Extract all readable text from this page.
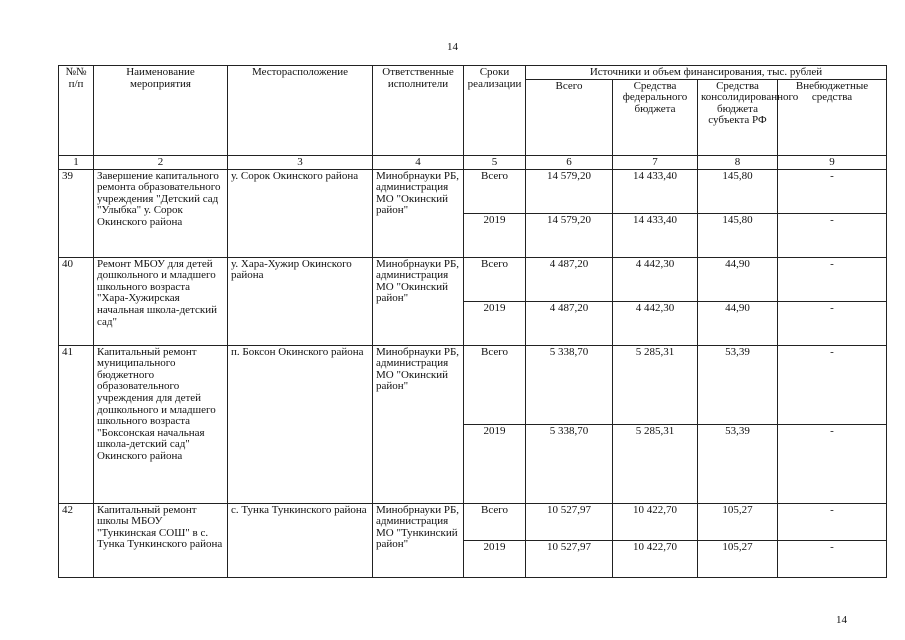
14
№№ п/п	Наименование мероприятия	Месторасположение	Ответственные исполнители	Сроки реализации	Источники и объем финансирования, тыс. рублей			
					Всего	Средства федерального бюджета	Средства консолидированного бюджета субъекта РФ	Внебюджетные средства
1	2	3	4	5	6	7	8	9
39	Завершение капитального ремонта образовательного учреждения "Детский сад "Улыбка" у. Сорок Окинского района	у. Сорок Окинского района	Минобрнауки РБ, администрация МО "Окинский район"	Всего	14 579,20	14 433,40	145,80	-
				2019	14 579,20	14 433,40	145,80	-
40	Ремонт МБОУ для детей дошкольного и младшего школьного возраста "Хара-Хужирская начальная школа-детский сад"	у. Хара-Хужир Окинского района	Минобрнауки РБ, администрация МО "Окинский район"	Всего	4 487,20	4 442,30	44,90	-
				2019	4 487,20	4 442,30	44,90	-
41	Капитальный ремонт муниципального бюджетного образовательного учреждения для детей дошкольного и младшего школьного возраста "Боксонская начальная школа-детский сад" Окинского района	п. Боксон Окинского района	Минобрнауки РБ, администрация МО "Окинский район"	Всего	5 338,70	5 285,31	53,39	-
				2019	5 338,70	5 285,31	53,39	-
42	Капитальный ремонт школы МБОУ "Тункинская СОШ" в с. Тунка Тункинского района	с. Тунка Тункинского района	Минобрнауки РБ, администрация МО "Тункинский район"	Всего	10 527,97	10 422,70	105,27	-
				2019	10 527,97	10 422,70	105,27	-
14
